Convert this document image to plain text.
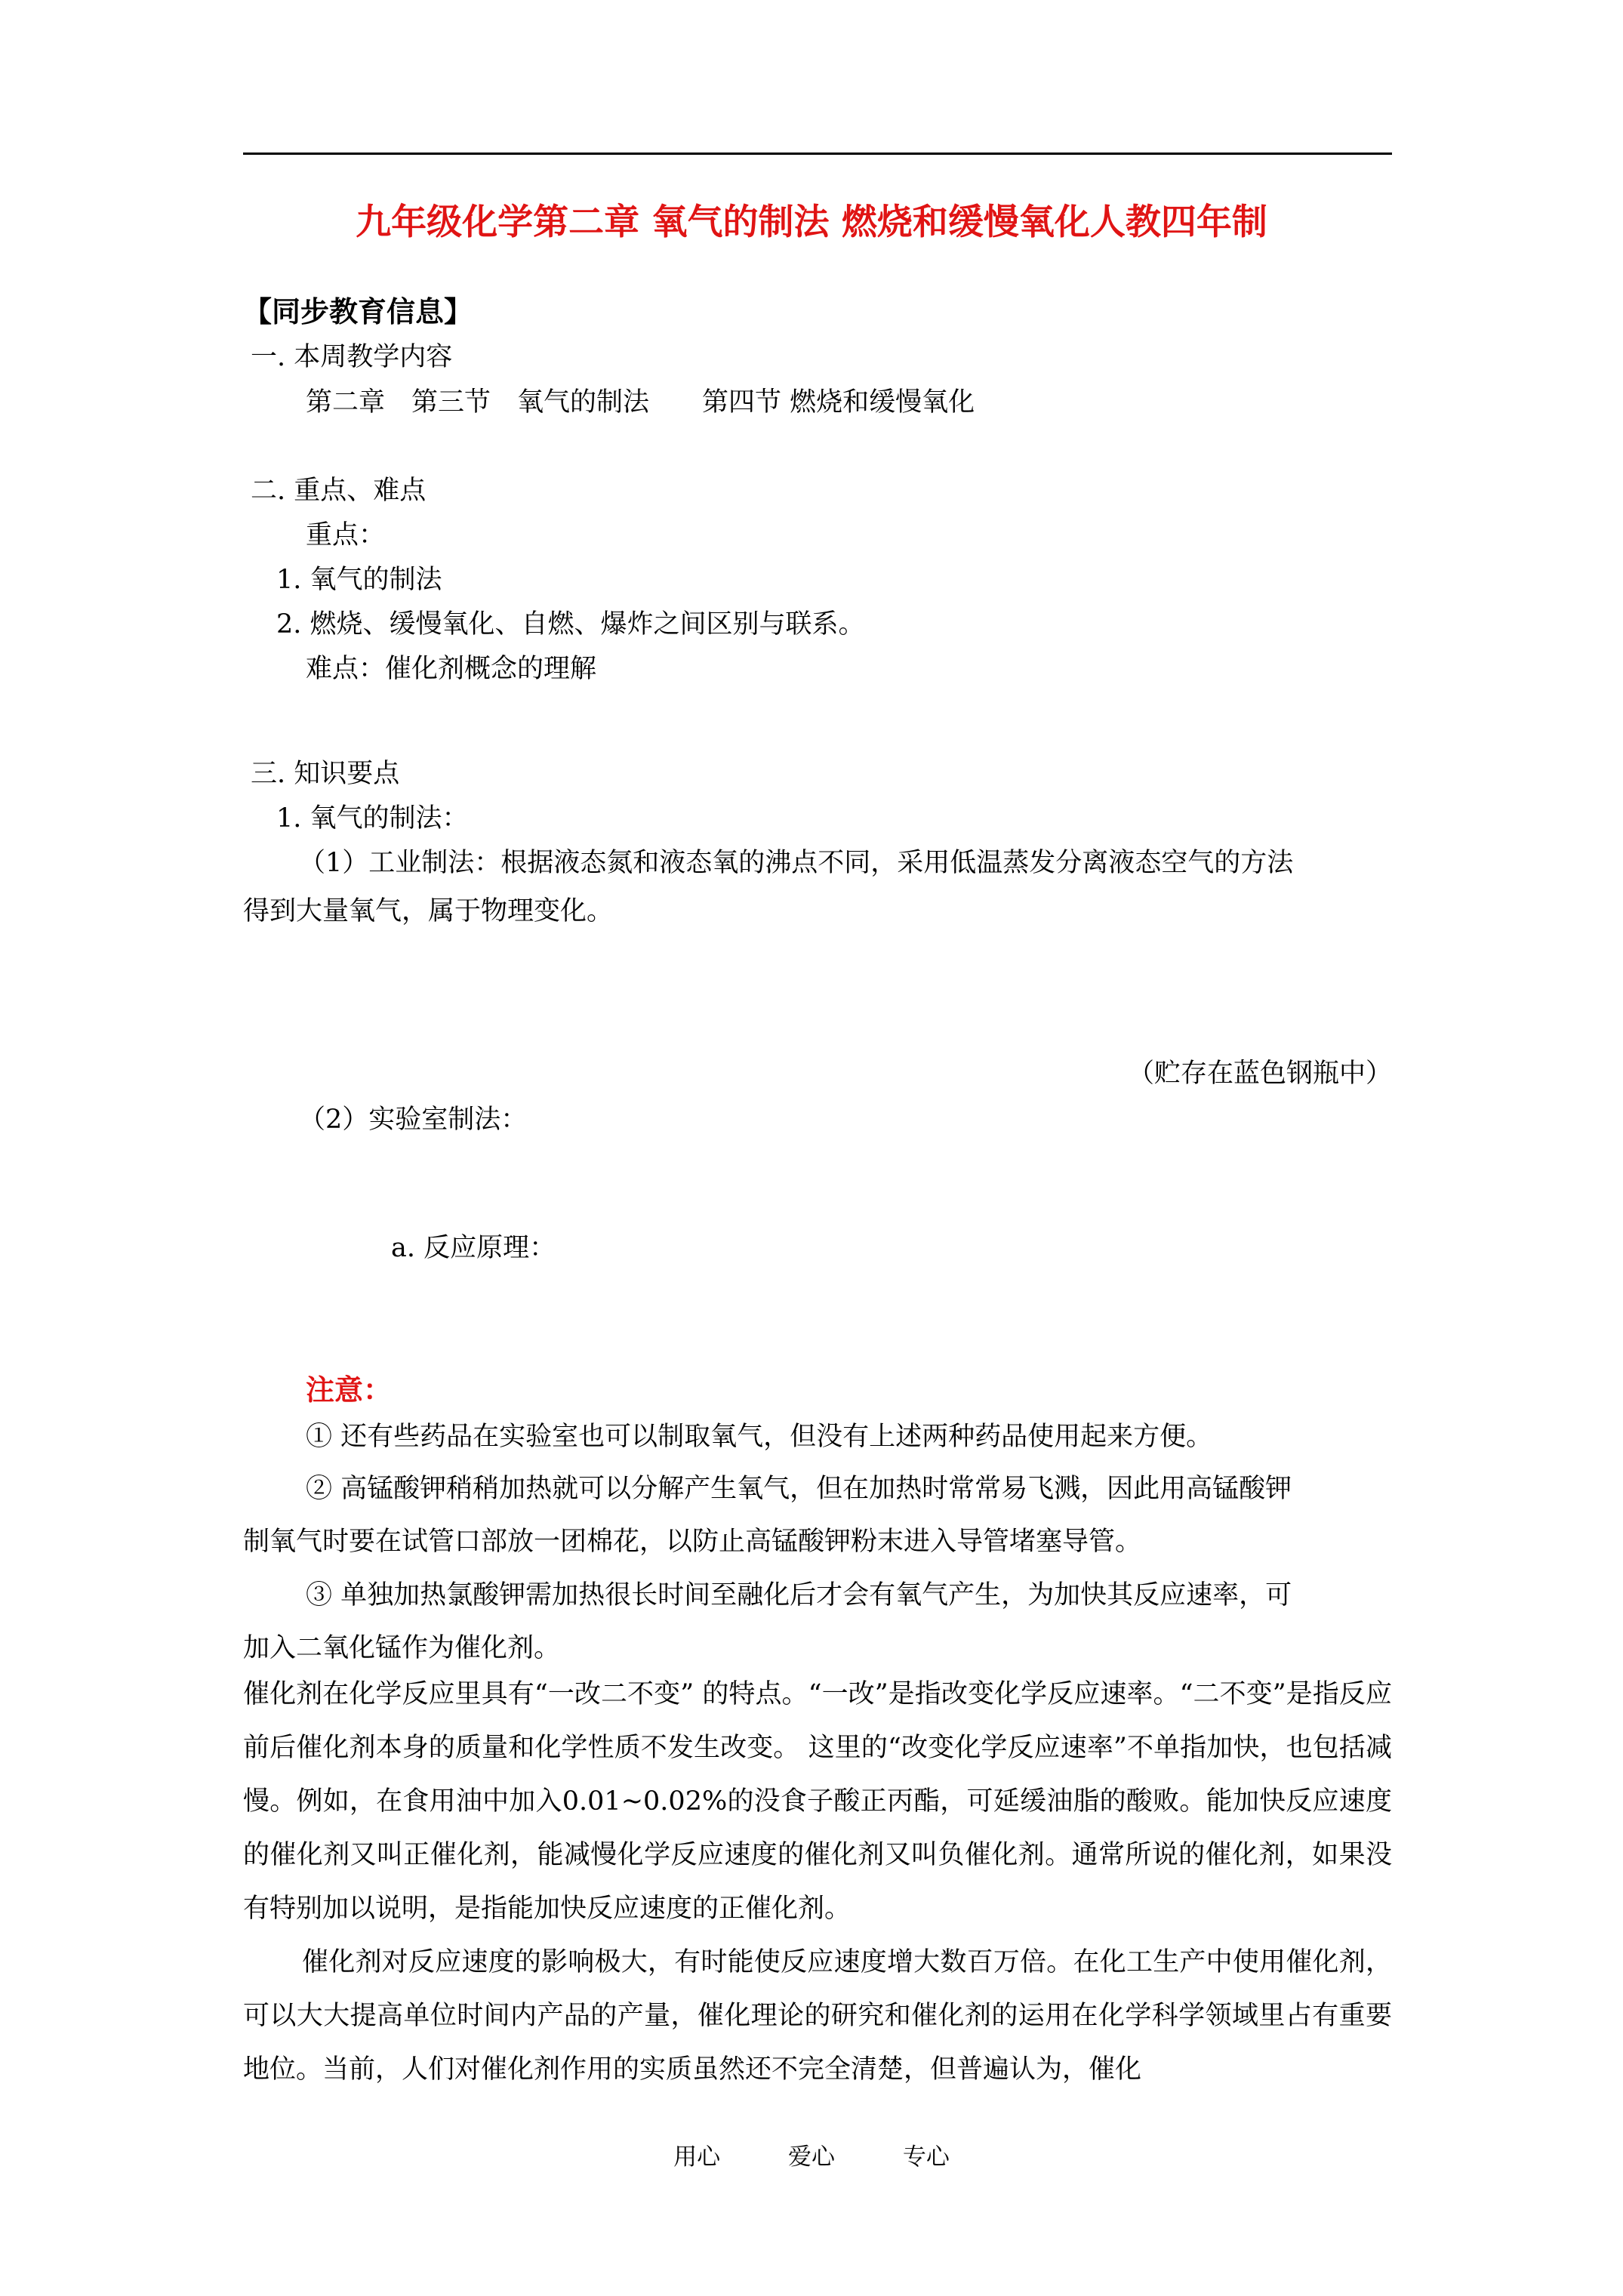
九年级化学第二章 氧气的制法 燃烧和缓慢氧化人教四年制
【同步教育信息】
一. 本周教学内容
第二章　第三节　氧气的制法　　第四节 燃烧和缓慢氧化
二. 重点、难点
重点：
1. 氧气的制法
2. 燃烧、缓慢氧化、自燃、爆炸之间区别与联系。
难点：催化剂概念的理解
三. 知识要点
1. 氧气的制法：
（1）工业制法：根据液态氮和液态氧的沸点不同，采用低温蒸发分离液态空气的方法
得到大量氧气，属于物理变化。
（贮存在蓝色钢瓶中）
（2）实验室制法：
a. 反应原理：
注意：
① 还有些药品在实验室也可以制取氧气，但没有上述两种药品使用起来方便。
② 高锰酸钾稍稍加热就可以分解产生氧气，但在加热时常常易飞溅，因此用高锰酸钾
制氧气时要在试管口部放一团棉花，以防止高锰酸钾粉末进入导管堵塞导管。
③ 单独加热氯酸钾需加热很长时间至融化后才会有氧气产生，为加快其反应速率，可
加入二氧化锰作为催化剂。
催化剂在化学反应里具有“一改二不变” 的特点。“一改”是指改变化学反应速率。“二不变”是指反应前后催化剂本身的质量和化学性质不发生改变。 这里的“改变化学反应速率”不单指加快，也包括减慢。例如，在食用油中加入0.01~0.02%的没食子酸正丙酯，可延缓油脂的酸败。能加快反应速度的催化剂又叫正催化剂，能减慢化学反应速度的催化剂又叫负催化剂。通常所说的催化剂，如果没有特别加以说明，是指能加快反应速度的正催化剂。
催化剂对反应速度的影响极大，有时能使反应速度增大数百万倍。在化工生产中使用催化剂，可以大大提高单位时间内产品的产量，催化理论的研究和催化剂的运用在化学科学领域里占有重要地位。当前，人们对催化剂作用的实质虽然还不完全清楚，但普遍认为，催化
用心	爱心	专心
